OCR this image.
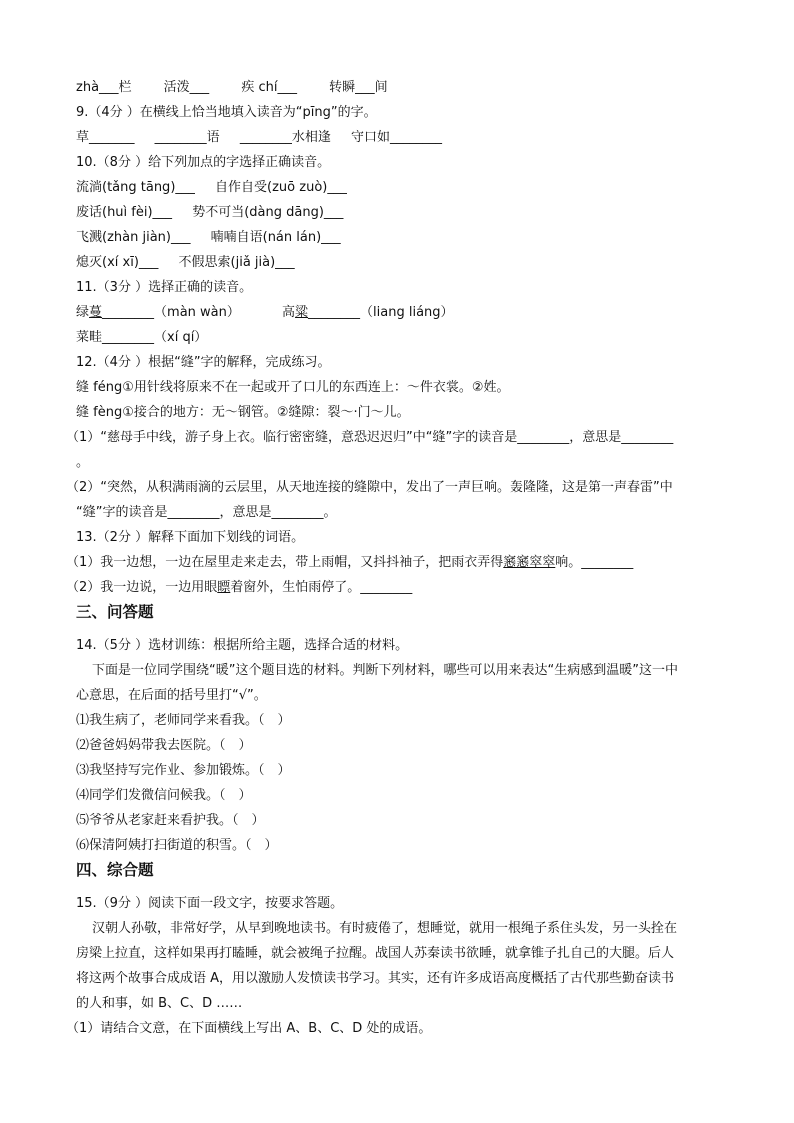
zhà___栏 活泼___ 疾 chí___ 转瞬___间
9.（4分 ）在横线上恰当地填入读音为“pīng”的字。
草_______ ________语 ________水相逢 守口如________
10.（8分 ）给下列加点的字选择正确读音。
流淌(tǎng tāng)___ 自作自受(zuō zuò)___
废话(huì fèi)___ 势不可当(dàng dāng)___
飞溅(zhàn jiàn)___ 喃喃自语(nán lán)___
熄灭(xí xī)___ 不假思索(jiǎ jià)___
11.（3分 ）选择正确的读音。
绿蔓________（màn wàn）	高粱________（liang liáng）
菜畦________（xí qí）
12.（4分 ）根据“缝”字的解释，完成练习。
缝 féng①用针线将原来不在一起或开了口儿的东西连上：～件衣裳。②姓。
缝 fèng①接合的地方：无～钢管。②缝隙：裂～·门～儿。
（1）“慈母手中线，游子身上衣。临行密密缝，意恐迟迟归”中“缝”字的读音是________，意思是________
。
（2）“突然，从积满雨滴的云层里，从天地连接的缝隙中，发出了一声巨响。轰隆隆，这是第一声春雷”中
“缝”字的读音是________，意思是________。
13.（2分 ）解释下面加下划线的词语。
（1）我一边想，一边在屋里走来走去，带上雨帽，又抖抖袖子，把雨衣弄得窸窸窣窣响。________
（2）我一边说，一边用眼瞟着窗外，生怕雨停了。________
三、问答题
14.（5分 ）选材训练：根据所给主题，选择合适的材料。
下面是一位同学围绕“暖”这个题目选的材料。判断下列材料，哪些可以用来表达“生病感到温暖”这一中
心意思，在后面的括号里打“√”。
⑴我生病了，老师同学来看我。（　）
⑵爸爸妈妈带我去医院。（　）
⑶我坚持写完作业、参加锻炼。（　）
⑷同学们发微信问候我。（　）
⑸爷爷从老家赶来看护我。（　）
⑹保清阿姨打扫街道的积雪。（　）
四、综合题
15.（9分 ）阅读下面一段文字，按要求答题。
汉朝人孙敬，非常好学，从早到晚地读书。有时疲倦了，想睡觉，就用一根绳子系住头发，另一头拴在
房梁上拉直，这样如果再打瞌睡，就会被绳子拉醒。战国人苏秦读书欲睡，就拿锥子扎自己的大腿。后人
将这两个故事合成成语 A，用以激励人发愤读书学习。其实，还有许多成语高度概括了古代那些勤奋读书
的人和事，如 B、C、D ……
（1）请结合文意，在下面横线上写出 A、B、C、D 处的成语。
